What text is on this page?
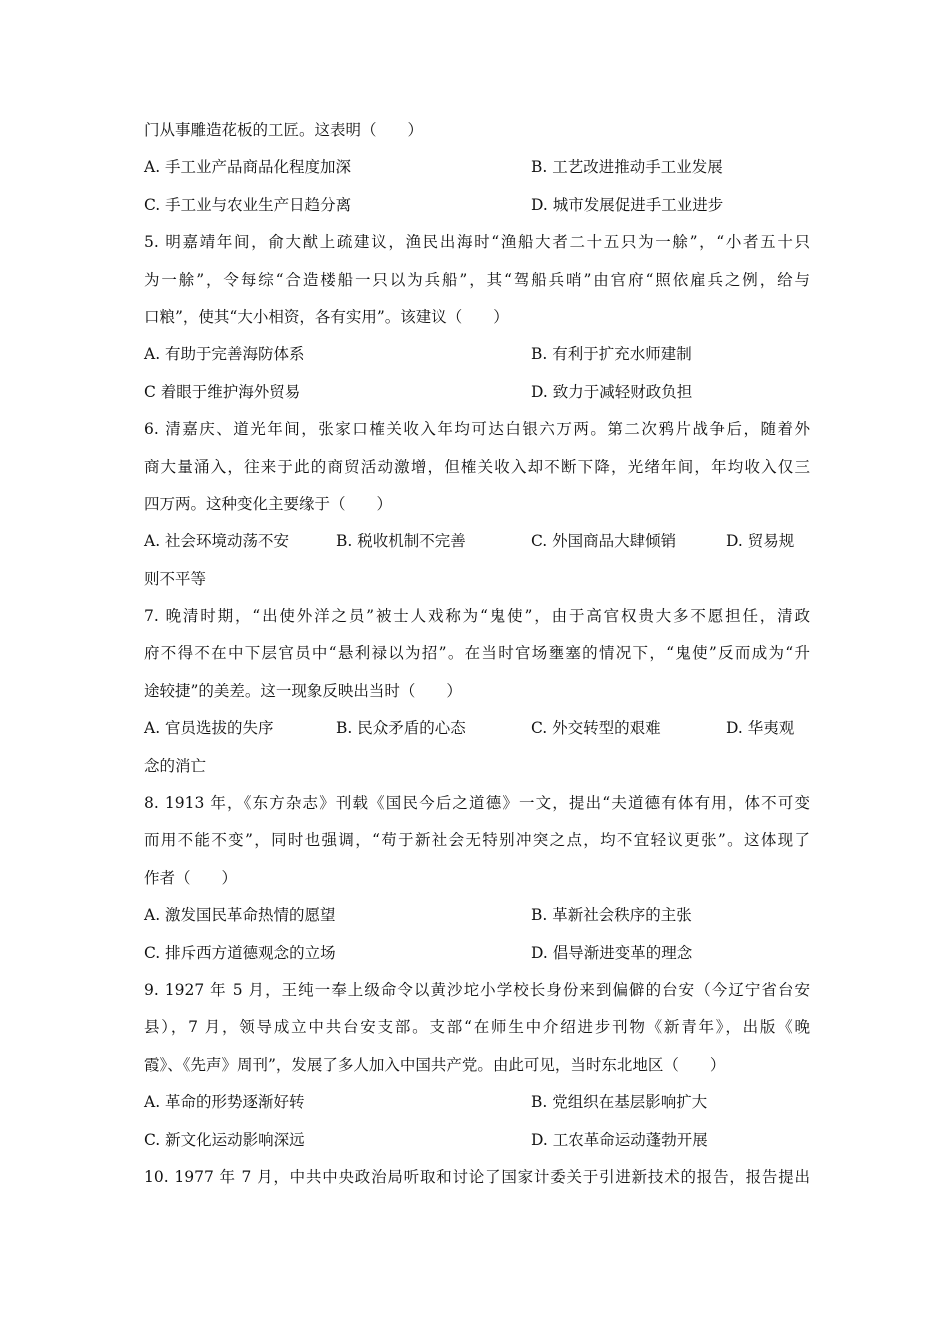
门从事雕造花板的工匠。这表明（　　）
A. 手工业产品商品化程度加深	B. 工艺改进推动手工业发展
C. 手工业与农业生产日趋分离	D. 城市发展促进手工业进步
5. 明嘉靖年间，俞大猷上疏建议，渔民出海时“渔船大者二十五只为一艅”，“小者五十只
为一艅”，令每综“合造楼船一只以为兵船”，其“驾船兵哨”由官府“照依雇兵之例，给与
口粮”，使其“大小相资，各有实用”。该建议（　　）
A. 有助于完善海防体系	B. 有利于扩充水师建制
C 着眼于维护海外贸易	D. 致力于减轻财政负担
6. 清嘉庆、道光年间，张家口榷关收入年均可达白银六万两。第二次鸦片战争后，随着外
商大量涌入，往来于此的商贸活动激增，但榷关收入却不断下降，光绪年间，年均收入仅三
四万两。这种变化主要缘于（　　）
A. 社会环境动荡不安	B. 税收机制不完善	C. 外国商品大肆倾销	D. 贸易规
则不平等
7. 晚清时期，“出使外洋之员”被士人戏称为“鬼使”，由于高官权贵大多不愿担任，清政
府不得不在中下层官员中“悬利禄以为招”。在当时官场壅塞的情况下，“鬼使”反而成为“升
途较捷”的美差。这一现象反映出当时（　　）
A. 官员选拔的失序	B. 民众矛盾的心态	C. 外交转型的艰难	D. 华夷观
念的消亡
8. 1913 年，《东方杂志》刊载《国民今后之道德》一文，提出“夫道德有体有用，体不可变
而用不能不变”，同时也强调，“苟于新社会无特别冲突之点，均不宜轻议更张”。这体现了
作者（　　）
A. 激发国民革命热情的愿望	B. 革新社会秩序的主张
C. 排斥西方道德观念的立场	D. 倡导渐进变革的理念
9. 1927 年 5 月，王纯一奉上级命令以黄沙坨小学校长身份来到偏僻的台安（今辽宁省台安
县），7 月，领导成立中共台安支部。支部“在师生中介绍进步刊物《新青年》，出版《晚
霞》、《先声》周刊”，发展了多人加入中国共产党。由此可见，当时东北地区（　　）
A. 革命的形势逐渐好转	B. 党组织在基层影响扩大
C. 新文化运动影响深远	D. 工农革命运动蓬勃开展
10. 1977 年 7 月，中共中央政治局听取和讨论了国家计委关于引进新技术的报告，报告提出
